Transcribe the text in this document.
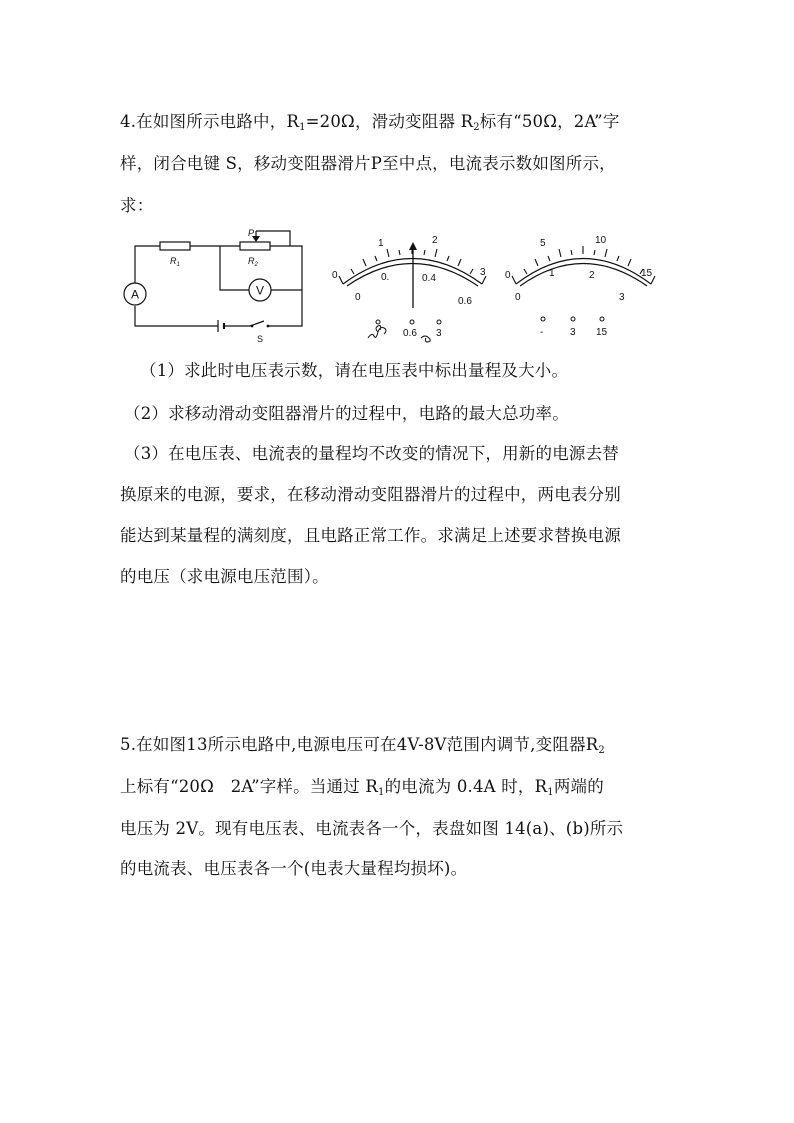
4.在如图所示电路中，$R_1=20\Omega$，滑动变阻器 $R_2$标有“50Ω，2A”字
样，闭合电键 S，移动变阻器滑片P至中点，电流表示数如图所示，
求：
A	V
P
$R_1$	$R_2$
S
0
1	2
3
0
0.	0.4
0.6
0.6 3
0
5	10
15
0
1	2
3
-	3 15
（1）求此时电压表示数，请在电压表中标出量程及大小。
（2）求移动滑动变阻器滑片的过程中，电路的最大总功率。
（3）在电压表、电流表的量程均不改变的情况下，用新的电源去替
换原来的电源，要求，在移动滑动变阻器滑片的过程中，两电表分别
能达到某量程的满刻度，且电路正常工作。求满足上述要求替换电源
的电压（求电源电压范围）。
5.在如图13所示电路中,电源电压可在4V-8V范围内调节,变阻器$R_2$
上标有“20Ω　2A”字样。当通过 $R_1$的电流为 0.4A 时，$R_1$两端的
电压为 2V。现有电压表、电流表各一个，表盘如图 14(a)、(b)所示
的电流表、电压表各一个(电表大量程均损坏)。
